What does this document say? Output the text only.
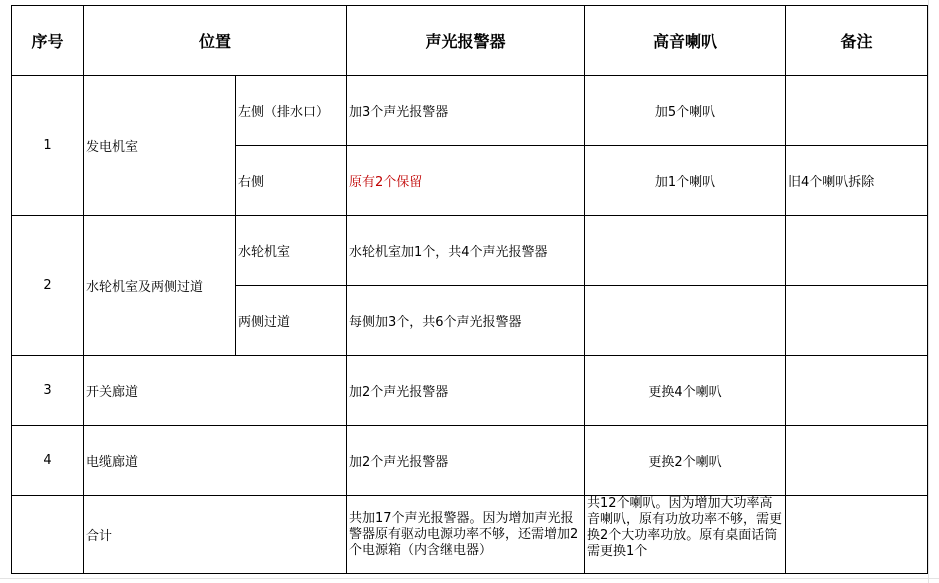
序号	位置		声光报警器	高音喇叭	备注
1	发电机室	左侧（排水口）	加3个声光报警器	加5个喇叭	
		右侧	原有2个保留	加1个喇叭	旧4个喇叭拆除
2	水轮机室及两侧过道	水轮机室	水轮机室加1个，共4个声光报警器		
		两侧过道	每侧加3个，共6个声光报警器		
3	开关廊道		加2个声光报警器	更换4个喇叭	
4	电缆廊道		加2个声光报警器	更换2个喇叭	
	合计		共加17个声光报警器。因为增加声光报警器原有驱动电源功率不够，还需增加2个电源箱（内含继电器）	共12个喇叭。因为增加大功率高音喇叭，原有功放功率不够，需更换2个大功率功放。原有桌面话筒需更换1个	
